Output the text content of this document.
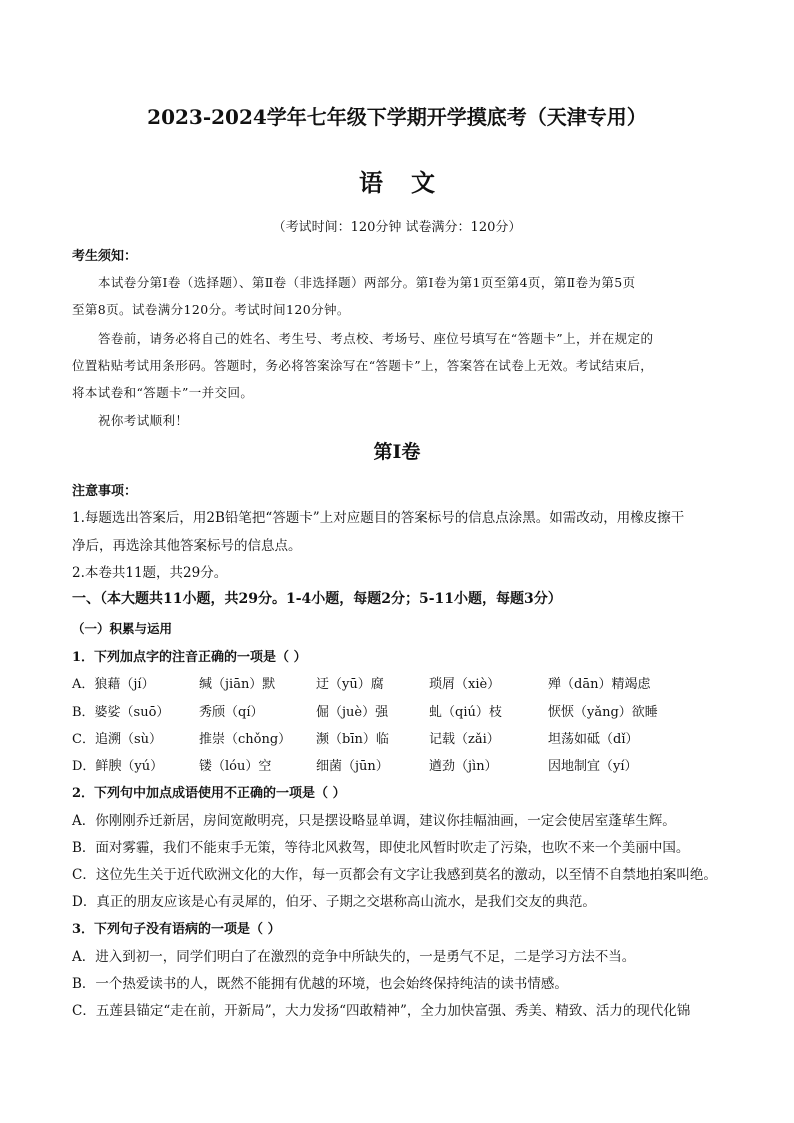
2023-2024学年七年级下学期开学摸底考（天津专用）
语文
（考试时间：120分钟 试卷满分：120分）
考生须知：
本试卷分第Ⅰ卷（选择题）、第Ⅱ卷（非选择题）两部分。第Ⅰ卷为第1页至第4页，第Ⅱ卷为第5页
至第8页。试卷满分120分。考试时间120分钟。
答卷前，请务必将自己的姓名、考生号、考点校、考场号、座位号填写在“答题卡”上，并在规定的
位置粘贴考试用条形码。答题时，务必将答案涂写在“答题卡”上，答案答在试卷上无效。考试结束后，
将本试卷和“答题卡”一并交回。
祝你考试顺利！
第Ⅰ卷
注意事项：
1.每题选出答案后，用2B铅笔把“答题卡”上对应题目的答案标号的信息点涂黑。如需改动，用橡皮擦干
净后，再选涂其他答案标号的信息点。
2.本卷共11题，共29分。
一、（本大题共11小题，共29分。1-4小题，每题2分；5-11小题，每题3分）
（一）积累与运用
1．下列加点字的注音正确的一项是（ ）
A．狼藉（jí）	缄（jiān）默	迂（yū）腐	琐屑（xiè）	殚（dān）精竭虑
B．婆娑（suō） 秀颀（qí）	倔（juè）强	虬（qiú）枝	恹恹（yǎng）欲睡
C．追溯（sù）	推崇（chǒng） 濒（bīn）临	记载（zǎi）	坦荡如砥（dǐ）
D．鲜腴（yú）	镂（lóu）空	细菌（jūn）	遒劲（jìn）	因地制宜（yí）
2．下列句中加点成语使用不正确的一项是（ ）
A．你刚刚乔迁新居，房间宽敞明亮，只是摆设略显单调，建议你挂幅油画，一定会使居室蓬荜生辉。
B．面对雾霾，我们不能束手无策，等待北风救驾，即使北风暂时吹走了污染，也吹不来一个美丽中国。
C．这位先生关于近代欧洲文化的大作，每一页都会有文字让我感到莫名的激动，以至情不自禁地拍案叫绝。
D．真正的朋友应该是心有灵犀的，伯牙、子期之交堪称高山流水，是我们交友的典范。
3．下列句子没有语病的一项是（ ）
A．进入到初一，同学们明白了在激烈的竞争中所缺失的，一是勇气不足，二是学习方法不当。
B．一个热爱读书的人，既然不能拥有优越的环境，也会始终保持纯洁的读书情感。
C．五莲县锚定“走在前，开新局”，大力发扬“四敢精神”，全力加快富强、秀美、精致、活力的现代化锦
